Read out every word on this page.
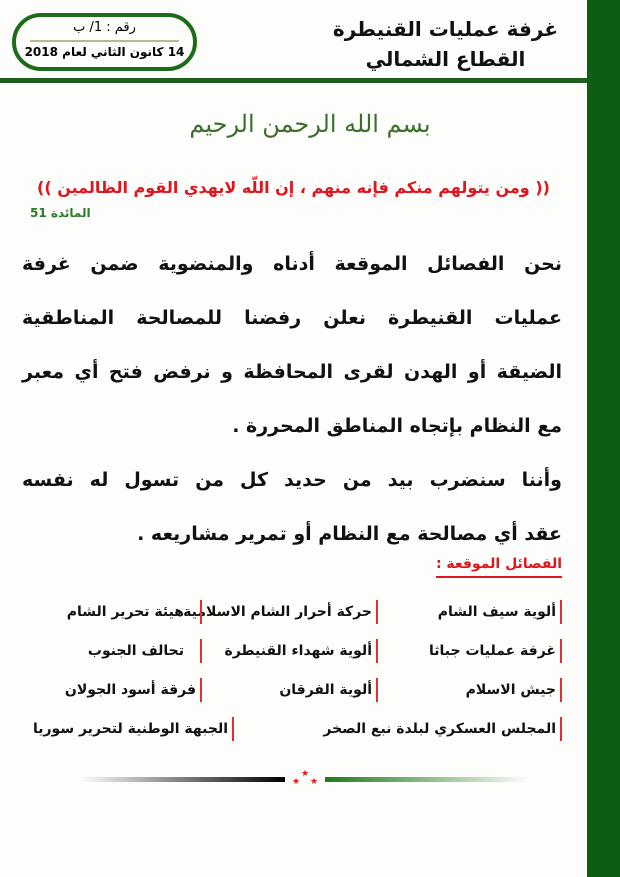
غرفة عمليات القنيطرة
القطاع الشمالي
رقم : 1/ ب
14 كانون الثاني لعام 2018
بسم الله الرحمن الرحيم
(( ومن يتولهم منكم فإنه منهم ، إن اللّه لايهدي القوم الظالمين ))
المائدة 51
نحن الفصائل الموقعة أدناه والمنضوية ضمن غرفة
عمليات القنيطرة نعلن رفضنا للمصالحة المناطقية
الضيقة أو الهدن لقرى المحافظة و نرفض فتح أي معبر
مع النظام بإتجاه المناطق المحررة .
وأننا سنضرب بيد من حديد كل من تسول له نفسه
عقد أي مصالحة مع النظام أو تمرير مشاريعه .
الفصائل الموقعة :
ألوية سيف الشام
حركة أحرار الشام الاسلامية
هيئة تحرير الشام
غرفة عمليات جباثا
ألوية شهداء القنيطرة
تحالف الجنوب
جيش الاسلام
ألوية الفرقان
فرقة أسود الجولان
المجلس العسكري لبلدة نبع الصخر
الجبهة الوطنية لتحرير سوريا
★
★ ★
